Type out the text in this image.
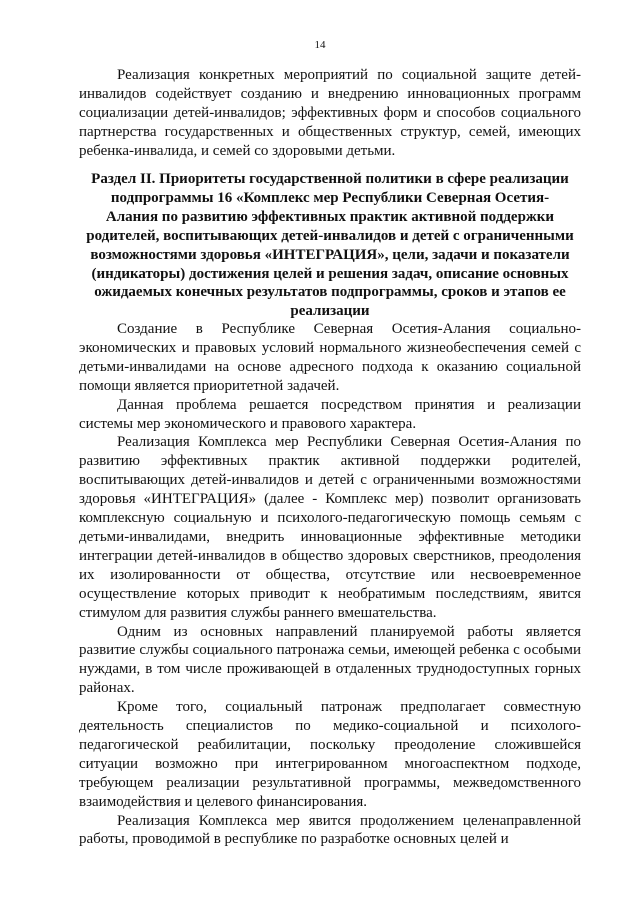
14

Реализация конкретных мероприятий по социальной защите детей-инвалидов содействует созданию и внедрению инновационных программ социализации детей-инвалидов; эффективных форм и способов социального партнерства государственных и общественных структур, семей, имеющих ребенка-инвалида, и семей со здоровыми детьми.

Раздел II. Приоритеты государственной политики в сфере реализации подпрограммы 16 «Комплекс мер Республики Северная Осетия-Алания по развитию эффективных практик активной поддержки родителей, воспитывающих детей-инвалидов и детей с ограниченными возможностями здоровья «ИНТЕГРАЦИЯ», цели, задачи и показатели (индикаторы) достижения целей и решения задач, описание основных ожидаемых конечных результатов подпрограммы, сроков и этапов ее реализации

Создание в Республике Северная Осетия-Алания социально-экономических и правовых условий нормального жизнеобеспечения семей с детьми-инвалидами на основе адресного подхода к оказанию социальной помощи является приоритетной задачей.

Данная проблема решается посредством принятия и реализации системы мер экономического и правового характера.

Реализация Комплекса мер Республики Северная Осетия-Алания по развитию эффективных практик активной поддержки родителей, воспитывающих детей-инвалидов и детей с ограниченными возможностями здоровья «ИНТЕГРАЦИЯ» (далее - Комплекс мер) позволит организовать комплексную социальную и психолого-педагогическую помощь семьям с детьми-инвалидами, внедрить инновационные эффективные методики интеграции детей-инвалидов в общество здоровых сверстников, преодоления их изолированности от общества, отсутствие или несвоевременное осуществление которых приводит к необратимым последствиям, явится стимулом для развития службы раннего вмешательства.

Одним из основных направлений планируемой работы является развитие службы социального патронажа семьи, имеющей ребенка с особыми нуждами, в том числе проживающей в отдаленных труднодоступных горных районах.

Кроме того, социальный патронаж предполагает совместную деятельность специалистов по медико-социальной и психолого-педагогической реабилитации, поскольку преодоление сложившейся ситуации возможно при интегрированном многоаспектном подходе, требующем реализации результативной программы, межведомственного взаимодействия и целевого финансирования.

Реализация Комплекса мер явится продолжением целенаправленной работы, проводимой в республике по разработке основных целей и
